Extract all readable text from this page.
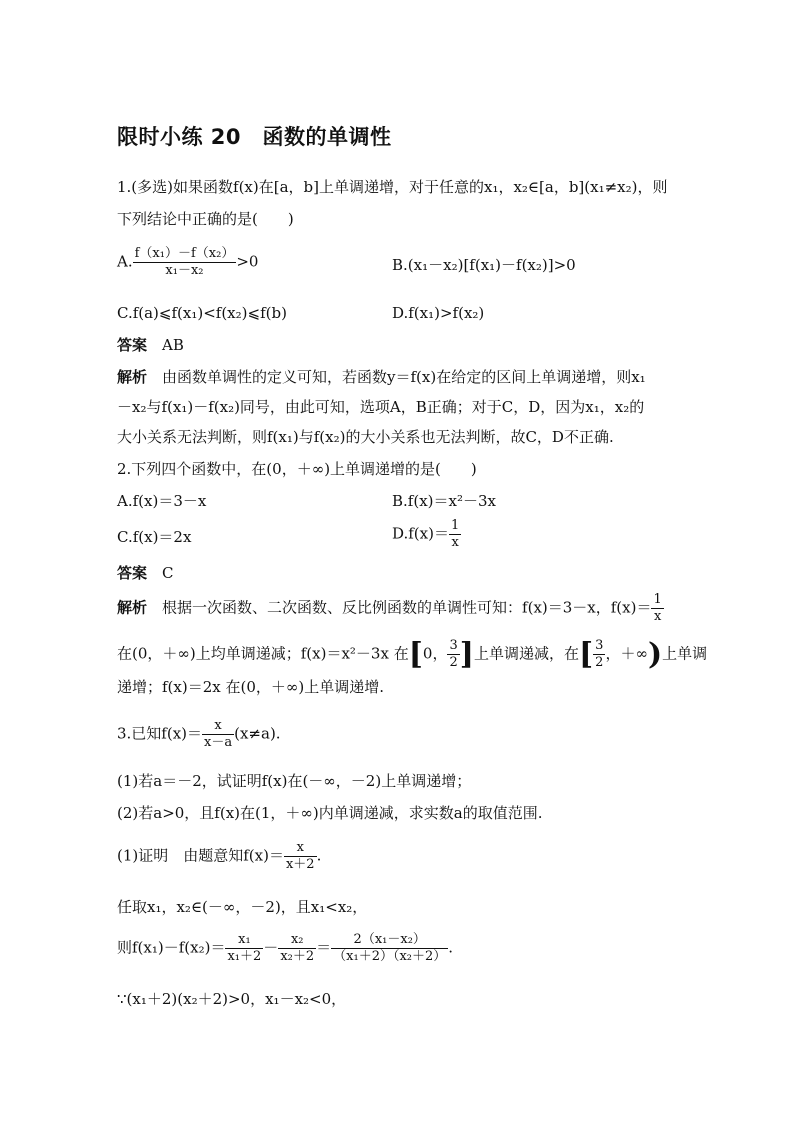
限时小练 20　函数的单调性
1.(多选)如果函数f(x)在[a，b]上单调递增，对于任意的x₁，x₂∈[a，b](x₁≠x₂)，则
下列结论中正确的是(　　)
A. $\frac{\text{f（x₁）－f（x₂）}}{\text{x₁－x₂}} >0$	B.(x₁－x₂)[f(x₁)－f(x₂)]>0
C.f(a)⩽f(x₁)<f(x₂)⩽f(b)	D.f(x₁)>f(x₂)
答案　 AB
解析　 由函数单调性的定义可知，若函数y＝f(x)在给定的区间上单调递增，则x₁
－x₂与f(x₁)－f(x₂)同号，由此可知，选项A，B正确；对于C，D，因为x₁，x₂的
大小关系无法判断，则f(x₁)与f(x₂)的大小关系也无法判断，故C，D不正确.
2.下列四个函数中，在(0，＋∞)上单调递增的是(　　)
A.f(x)＝3－x	B.f(x)＝x²－3x
C.f(x)＝2x	$D.f(x)= \frac{1}{x}$
答案　 C
解析　 根据一次函数、二次函数、反比例函数的单调性可知：f(x)＝3－x，$f(x)= \frac{1}{x}$
在(0，＋∞)上均单调递减；f(x)＝x²－3x 在[0， $\frac{3}{2}$ ]上单调递减，在[ $\frac{3}{2}$ ，＋∞)上单调
递增；f(x)＝2x 在(0，＋∞)上单调递增.
3.已知$f(x)= \frac{x}{x-a} (x\ne a)$.
(1)若a＝－2，试证明f(x)在(－∞，－2)上单调递增；
(2)若a>0，且f(x)在(1，＋∞)内单调递减，求实数a的取值范围.
(1)证明　由题意知$f(x)= \frac{x}{x+2}$ .
任取x₁，x₂∈(－∞，－2)，且x₁<x₂，
则$f(x_1)-f(x_2)= \frac{\text{x₁}}{\text{x₁＋2}} - \frac{\text{x₂}}{\text{x₂＋2}} = \frac{\text{2（x₁－x₂）}}{\text{（x₁＋2）（x₂＋2）}}$ .
∵(x₁＋2)(x₂＋2)>0，x₁－x₂<0，
